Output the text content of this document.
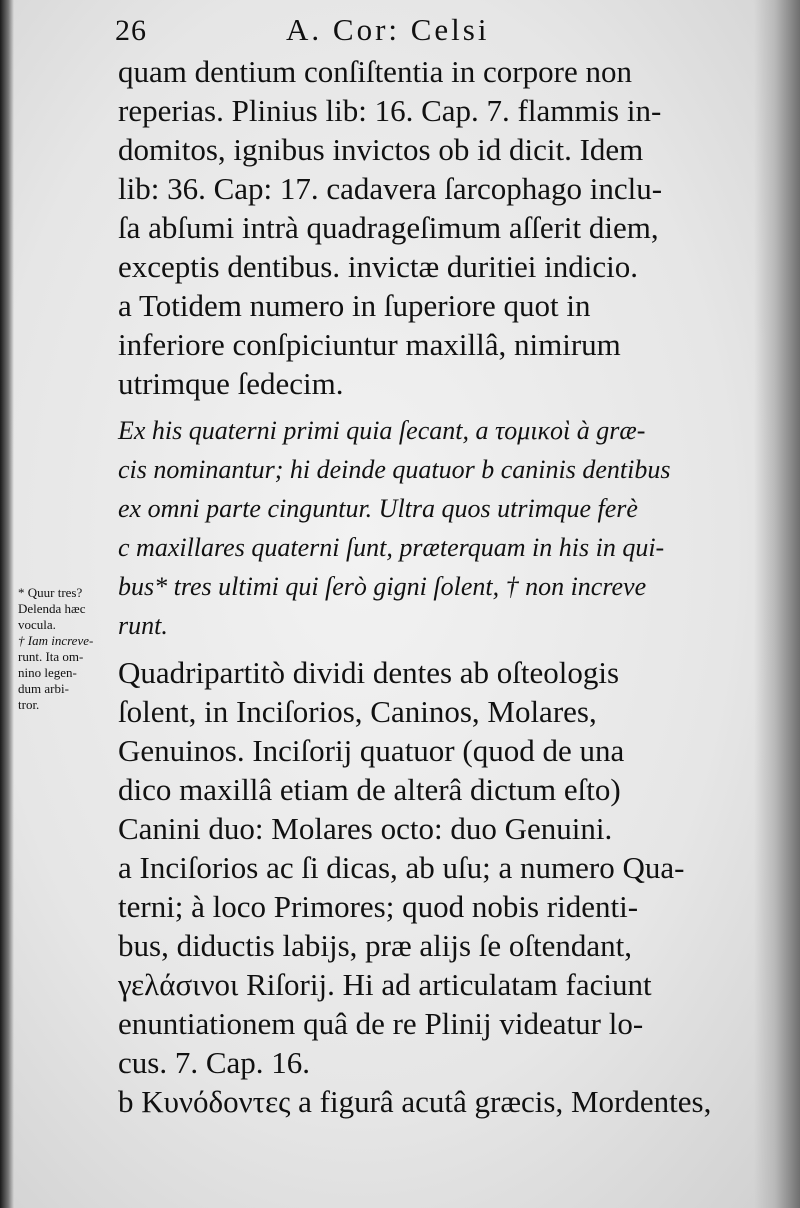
26	A. Cor: Celsi
quam dentium conſiſtentia in corpore non
reperias. Plinius lib: 16. Cap. 7. flammis in-
domitos, ignibus invictos ob id dicit. Idem
lib: 36. Cap: 17. cadavera ſarcophago inclu-
ſa abſumi intrà quadrageſimum aſſerit diem,
exceptis dentibus. invictæ duritiei indicio.
a Totidem numero in ſuperiore quot in
inferiore conſpiciuntur maxillâ, nimirum
utrimque ſedecim.
Ex his quaterni primi quia ſecant, a τομικοὶ à græ-
cis nominantur; hi deinde quatuor b caninis dentibus
ex omni parte cinguntur. Ultra quos utrimque ferè
c maxillares quaterni ſunt, præterquam in his in qui-
bus* tres ultimi qui ſerò gigni ſolent, † non increve
runt.
Quadripartitò dividi dentes ab oſteologis
ſolent, in Inciſorios, Caninos, Molares,
Genuinos. Inciſorij quatuor (quod de una
dico maxillâ etiam de alterâ dictum eſto)
Canini duo: Molares octo: duo Genuini.
a Inciſorios ac ſi dicas, ab uſu; a numero Qua-
terni; à loco Primores; quod nobis ridenti-
bus, diductis labijs, præ alijs ſe oſtendant,
γελάσινοι Riſorij. Hi ad articulatam faciunt
enuntiationem quâ de re Plinij videatur lo-
cus. 7. Cap. 16.
b Κυνόδοντες a figurâ acutâ græcis, Mordentes,
* Quur tres?
Delenda hæc
vocula.
† Iam increve-
runt. Ita om-
nino legen-
dum arbi-
tror.
